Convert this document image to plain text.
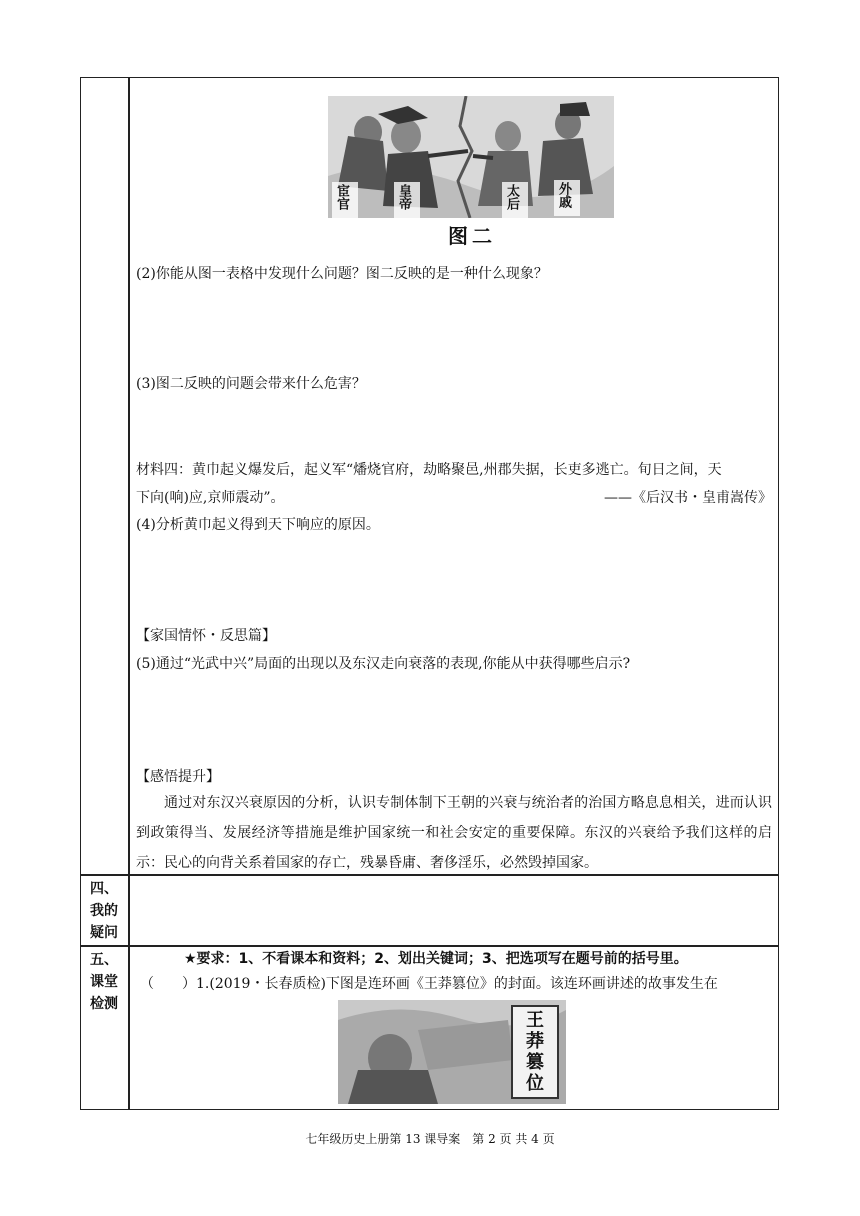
宦官	皇帝	太后	外戚
图二
(2)你能从图一表格中发现什么问题？图二反映的是一种什么现象？
(3)图二反映的问题会带来什么危害？
材料四：黄巾起义爆发后，起义军“燔烧官府，劫略聚邑,州郡失据，长吏多逃亡。旬日之间，天
下向(响)应,京师震动”。	——《后汉书・皇甫嵩传》
(4)分析黄巾起义得到天下响应的原因。
【家国情怀・反思篇】
(5)通过“光武中兴”局面的出现以及东汉走向衰落的表现,你能从中获得哪些启示?
【感悟提升】
通过对东汉兴衰原因的分析，认识专制体制下王朝的兴衰与统治者的治国方略息息相关，进而认识到政策得当、发展经济等措施是维护国家统一和社会安定的重要保障。东汉的兴衰给予我们这样的启示：民心的向背关系着国家的存亡，残暴昏庸、奢侈淫乐，必然毁掉国家。
四、
我的
疑问
五、
课堂
检测
★要求：1、不看课本和资料；2、划出关键词；3、把选项写在题号前的括号里。
（　　）1.(2019・长春质检)下图是连环画《王莽篡位》的封面。该连环画讲述的故事发生在
王
莽
篡
位
七年级历史上册第 13 课导案　第 2 页 共 4 页
